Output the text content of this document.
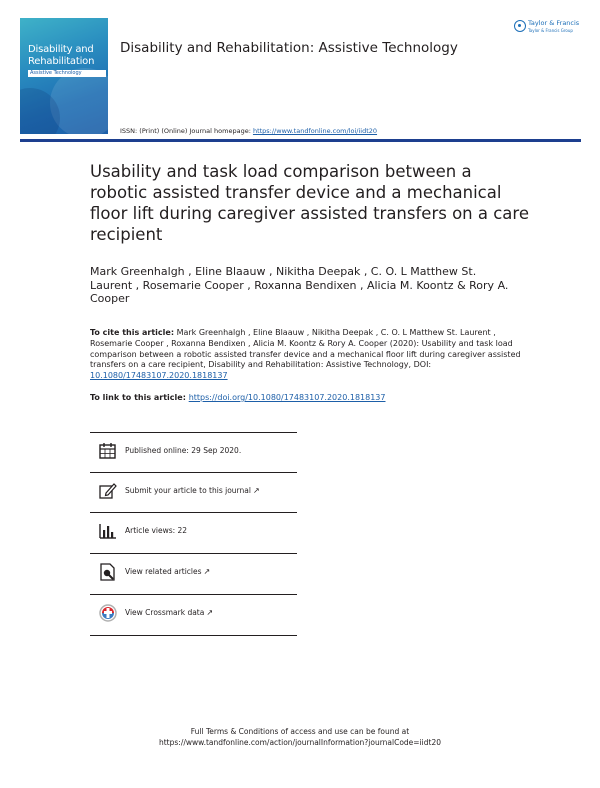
Disability and Rehabilitation
Assistive Technology
Disability and Rehabilitation: Assistive Technology
Taylor & Francis
Taylor & Francis Group
ISSN: (Print) (Online) Journal homepage: https://www.tandfonline.com/loi/iidt20
Usability and task load comparison between a robotic assisted transfer device and a mechanical floor lift during caregiver assisted transfers on a care recipient
Mark Greenhalgh , Eline Blaauw , Nikitha Deepak , C. O. L Matthew St. Laurent , Rosemarie Cooper , Roxanna Bendixen , Alicia M. Koontz & Rory A. Cooper
To cite this article: Mark Greenhalgh , Eline Blaauw , Nikitha Deepak , C. O. L Matthew St. Laurent , Rosemarie Cooper , Roxanna Bendixen , Alicia M. Koontz & Rory A. Cooper (2020): Usability and task load comparison between a robotic assisted transfer device and a mechanical floor lift during caregiver assisted transfers on a care recipient, Disability and Rehabilitation: Assistive Technology, DOI: 10.1080/17483107.2020.1818137
To link to this article: https://doi.org/10.1080/17483107.2020.1818137
Published online: 29 Sep 2020.
Submit your article to this journal ↗
Article views: 22
View related articles ↗
View Crossmark data ↗
Full Terms & Conditions of access and use can be found at
https://www.tandfonline.com/action/journalInformation?journalCode=iidt20
